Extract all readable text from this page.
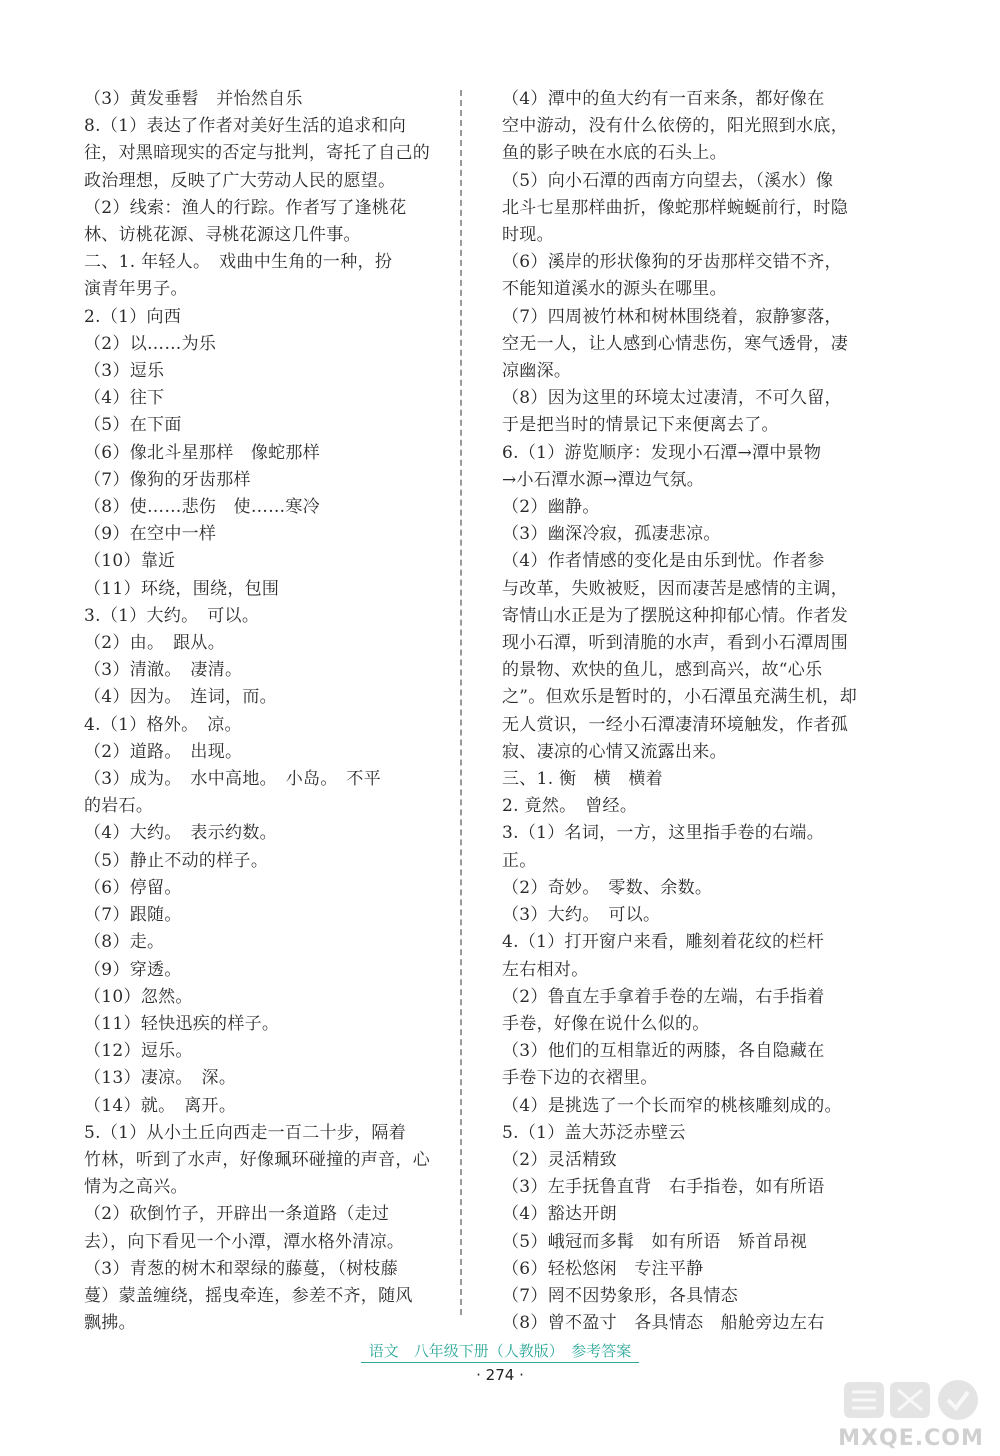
（3）黄发垂髫　并怡然自乐

8.（1）表达了作者对美好生活的追求和向

往，对黑暗现实的否定与批判，寄托了自己的

政治理想，反映了广大劳动人民的愿望。

（2）线索：渔人的行踪。作者写了逢桃花

林、访桃花源、寻桃花源这几件事。

二、1. 年轻人。　戏曲中生角的一种，扮

演青年男子。

2.（1）向西

（2）以……为乐

（3）逗乐

（4）往下

（5）在下面

（6）像北斗星那样　像蛇那样

（7）像狗的牙齿那样

（8）使……悲伤　使……寒冷

（9）在空中一样

（10）靠近

（11）环绕，围绕，包围

3.（1）大约。　可以。

（2）由。　跟从。

（3）清澈。　凄清。

（4）因为。　连词，而。

4.（1）格外。　凉。

（2）道路。　出现。

（3）成为。　水中高地。　小岛。　不平

的岩石。

（4）大约。　表示约数。

（5）静止不动的样子。

（6）停留。

（7）跟随。

（8）走。

（9）穿透。

（10）忽然。

（11）轻快迅疾的样子。

（12）逗乐。

（13）凄凉。　深。

（14）就。　离开。

5.（1）从小土丘向西走一百二十步，隔着

竹林，听到了水声，好像珮环碰撞的声音，心

情为之高兴。

（2）砍倒竹子，开辟出一条道路（走过

去），向下看见一个小潭，潭水格外清凉。

（3）青葱的树木和翠绿的藤蔓，（树枝藤

蔓）蒙盖缠绕，摇曳牵连，参差不齐，随风

飘拂。

（4）潭中的鱼大约有一百来条，都好像在

空中游动，没有什么依傍的，阳光照到水底，

鱼的影子映在水底的石头上。

（5）向小石潭的西南方向望去，（溪水）像

北斗七星那样曲折，像蛇那样蜿蜒前行，时隐

时现。

（6）溪岸的形状像狗的牙齿那样交错不齐，

不能知道溪水的源头在哪里。

（7）四周被竹林和树林围绕着，寂静寥落，

空无一人，让人感到心情悲伤，寒气透骨，凄

凉幽深。

（8）因为这里的环境太过凄清，不可久留，

于是把当时的情景记下来便离去了。

6.（1）游览顺序：发现小石潭→潭中景物

→小石潭水源→潭边气氛。

（2）幽静。

（3）幽深冷寂，孤凄悲凉。

（4）作者情感的变化是由乐到忧。作者参

与改革，失败被贬，因而凄苦是感情的主调，

寄情山水正是为了摆脱这种抑郁心情。作者发

现小石潭，听到清脆的水声，看到小石潭周围

的景物、欢快的鱼儿，感到高兴，故“心乐

之”。但欢乐是暂时的，小石潭虽充满生机，却

无人赏识，一经小石潭凄清环境触发，作者孤

寂、凄凉的心情又流露出来。

三、1. 衡　横　横着

2. 竟然。　曾经。

3.（1）名词，一方，这里指手卷的右端。

正。

（2）奇妙。　零数、余数。

（3）大约。　可以。

4.（1）打开窗户来看，雕刻着花纹的栏杆

左右相对。

（2）鲁直左手拿着手卷的左端，右手指着

手卷，好像在说什么似的。

（3）他们的互相靠近的两膝，各自隐藏在

手卷下边的衣褶里。

（4）是挑选了一个长而窄的桃核雕刻成的。

5.（1）盖大苏泛赤壁云

（2）灵活精致

（3）左手抚鲁直背　右手指卷，如有所语

（4）豁达开朗

（5）峨冠而多髯　如有所语　矫首昂视

（6）轻松悠闲　专注平静

（7）罔不因势象形，各具情态

（8）曾不盈寸　各具情态　船舱旁边左右

语文　八年级下册（人教版）　参考答案
· 274 ·
MXQE.COM
